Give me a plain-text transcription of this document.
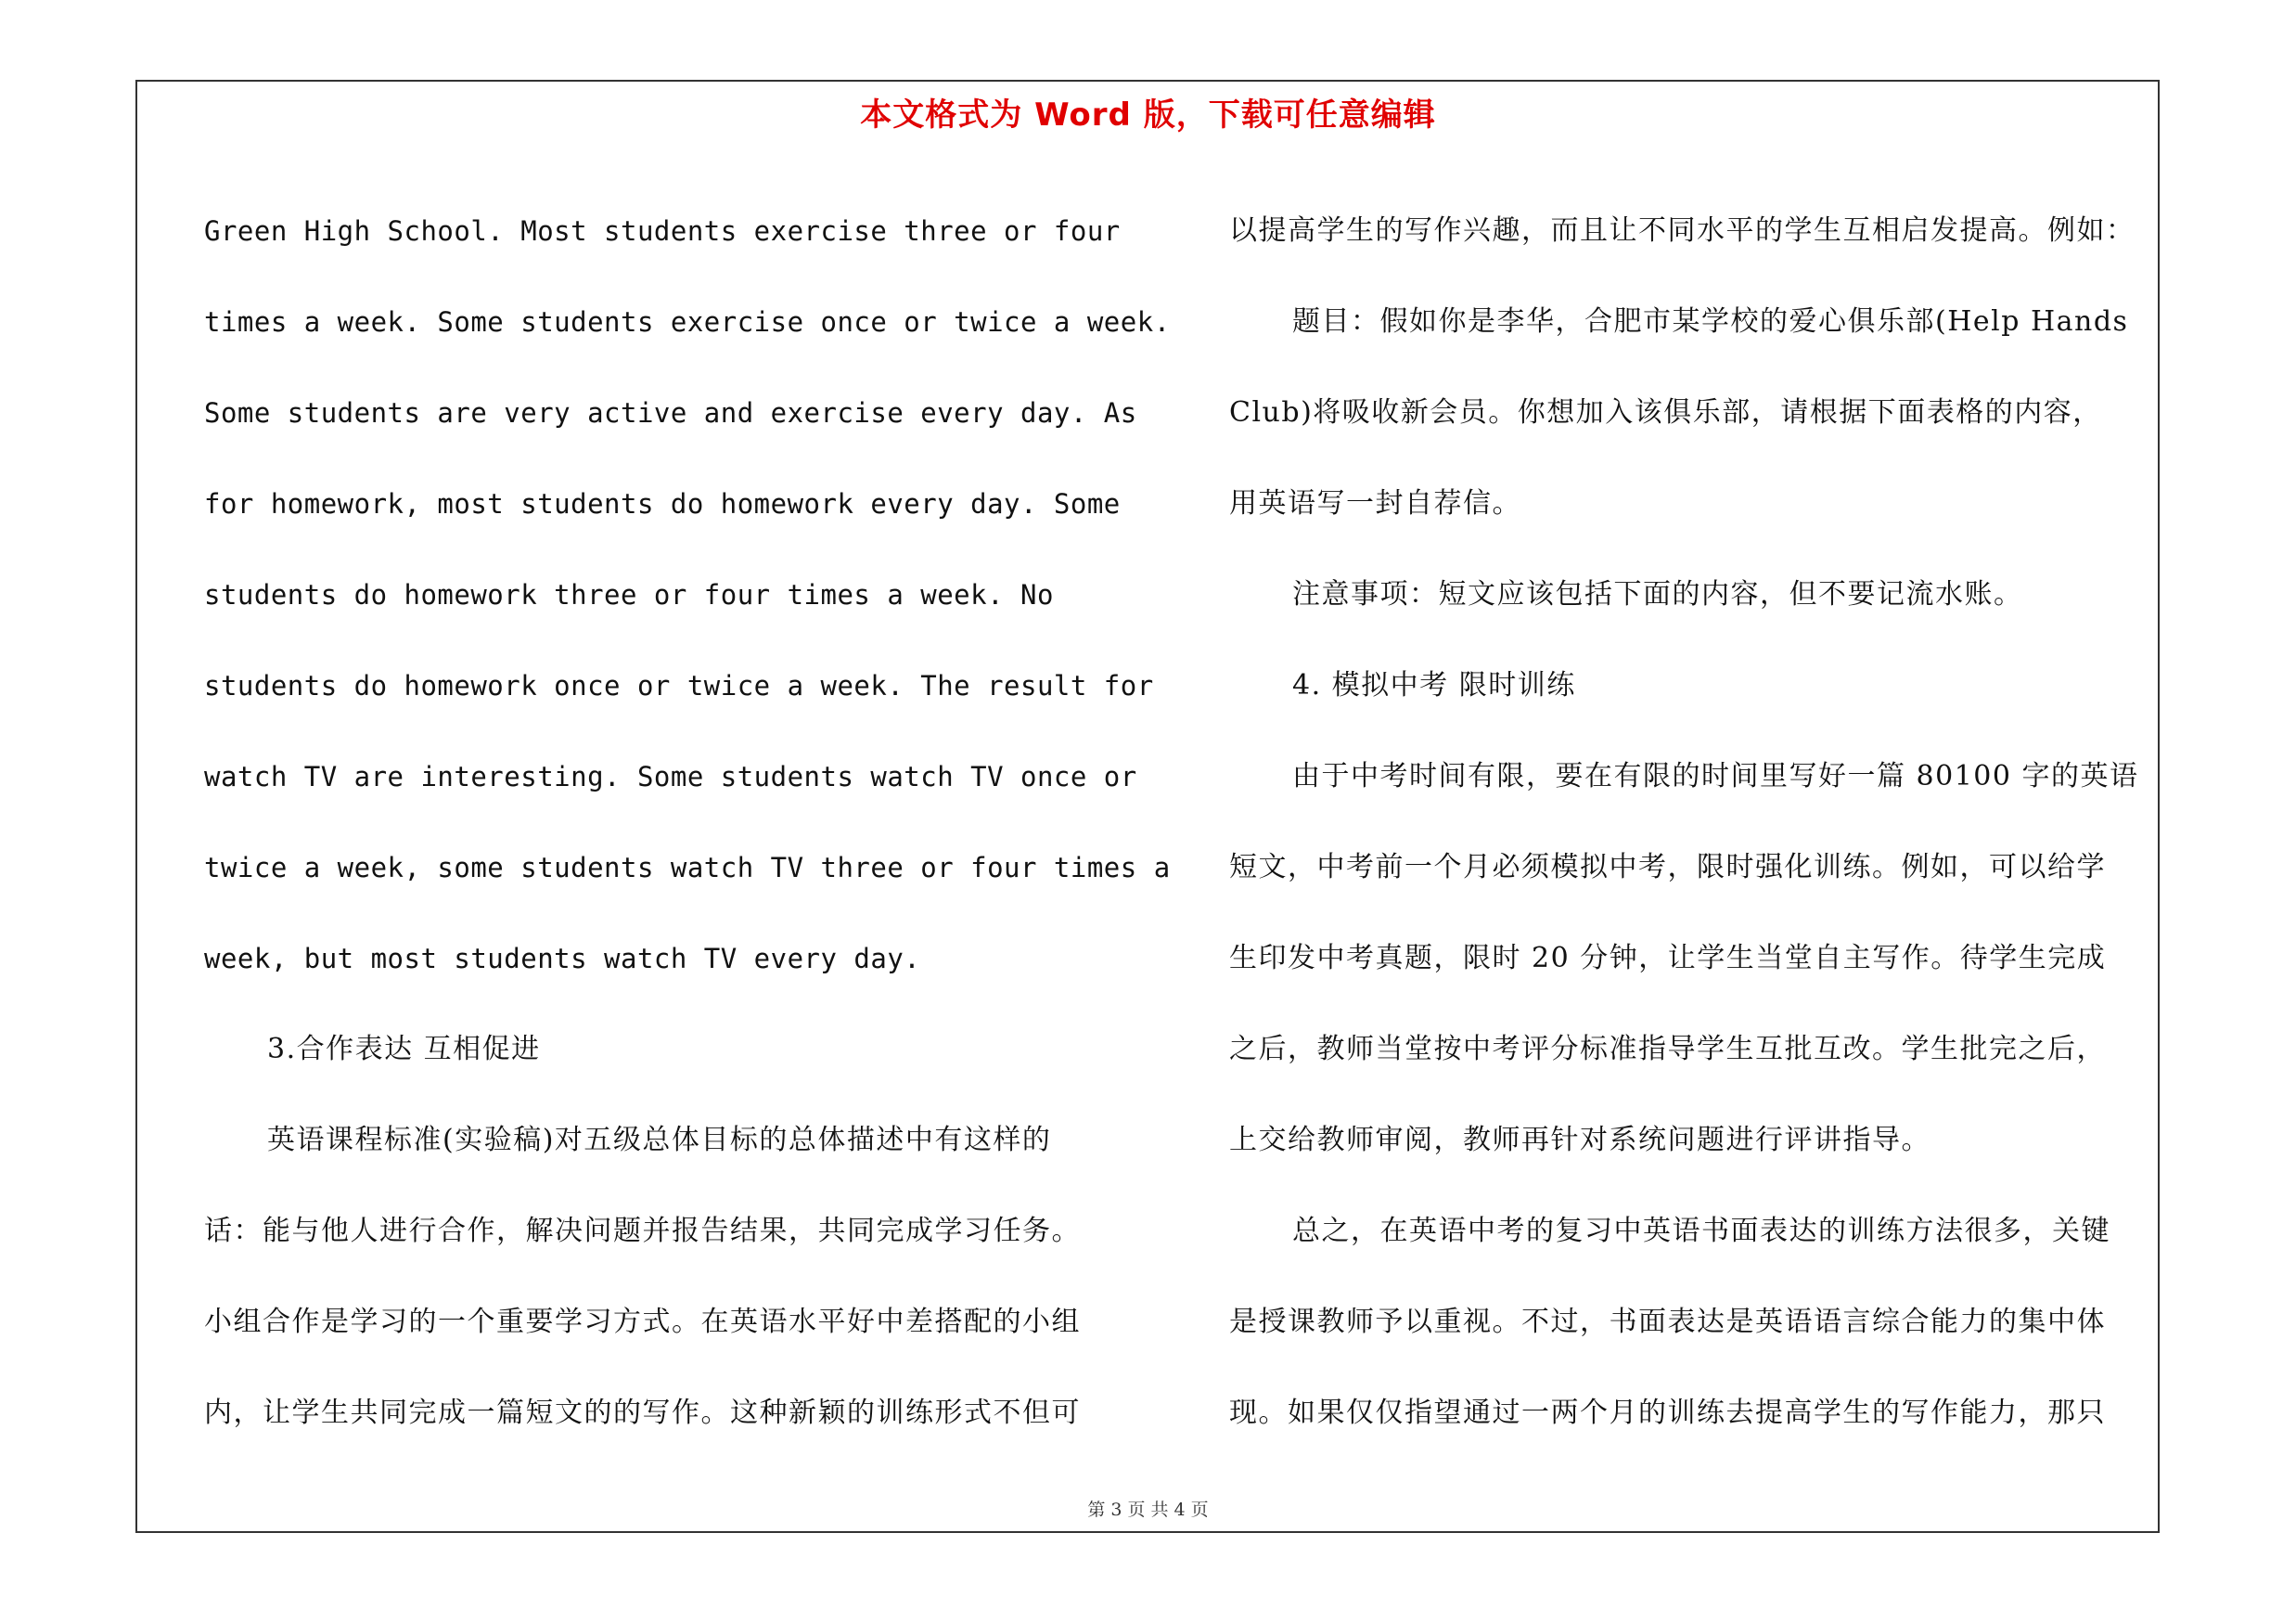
本文格式为 Word 版，下载可任意编辑
Green High School. Most students exercise three or four
times a week. Some students exercise once or twice a week.
Some students are very active and exercise every day. As
for homework, most students do homework every day. Some
students do homework three or four times a week. No
students do homework once or twice a week. The result for
watch TV are interesting. Some students watch TV once or
twice a week, some students watch TV three or four times a
week, but most students watch TV every day.
3.合作表达 互相促进
英语课程标准(实验稿)对五级总体目标的总体描述中有这样的
话：能与他人进行合作，解决问题并报告结果，共同完成学习任务。
小组合作是学习的一个重要学习方式。在英语水平好中差搭配的小组
内，让学生共同完成一篇短文的的写作。这种新颖的训练形式不但可
以提高学生的写作兴趣，而且让不同水平的学生互相启发提高。例如：
题目：假如你是李华，合肥市某学校的爱心俱乐部(Help Hands
Club)将吸收新会员。你想加入该俱乐部，请根据下面表格的内容，
用英语写一封自荐信。
注意事项：短文应该包括下面的内容，但不要记流水账。
4. 模拟中考 限时训练
由于中考时间有限，要在有限的时间里写好一篇 80100 字的英语
短文，中考前一个月必须模拟中考，限时强化训练。例如，可以给学
生印发中考真题，限时 20 分钟，让学生当堂自主写作。待学生完成
之后，教师当堂按中考评分标准指导学生互批互改。学生批完之后，
上交给教师审阅，教师再针对系统问题进行评讲指导。
总之，在英语中考的复习中英语书面表达的训练方法很多，关键
是授课教师予以重视。不过，书面表达是英语语言综合能力的集中体
现。如果仅仅指望通过一两个月的训练去提高学生的写作能力，那只
第 3 页 共 4 页
